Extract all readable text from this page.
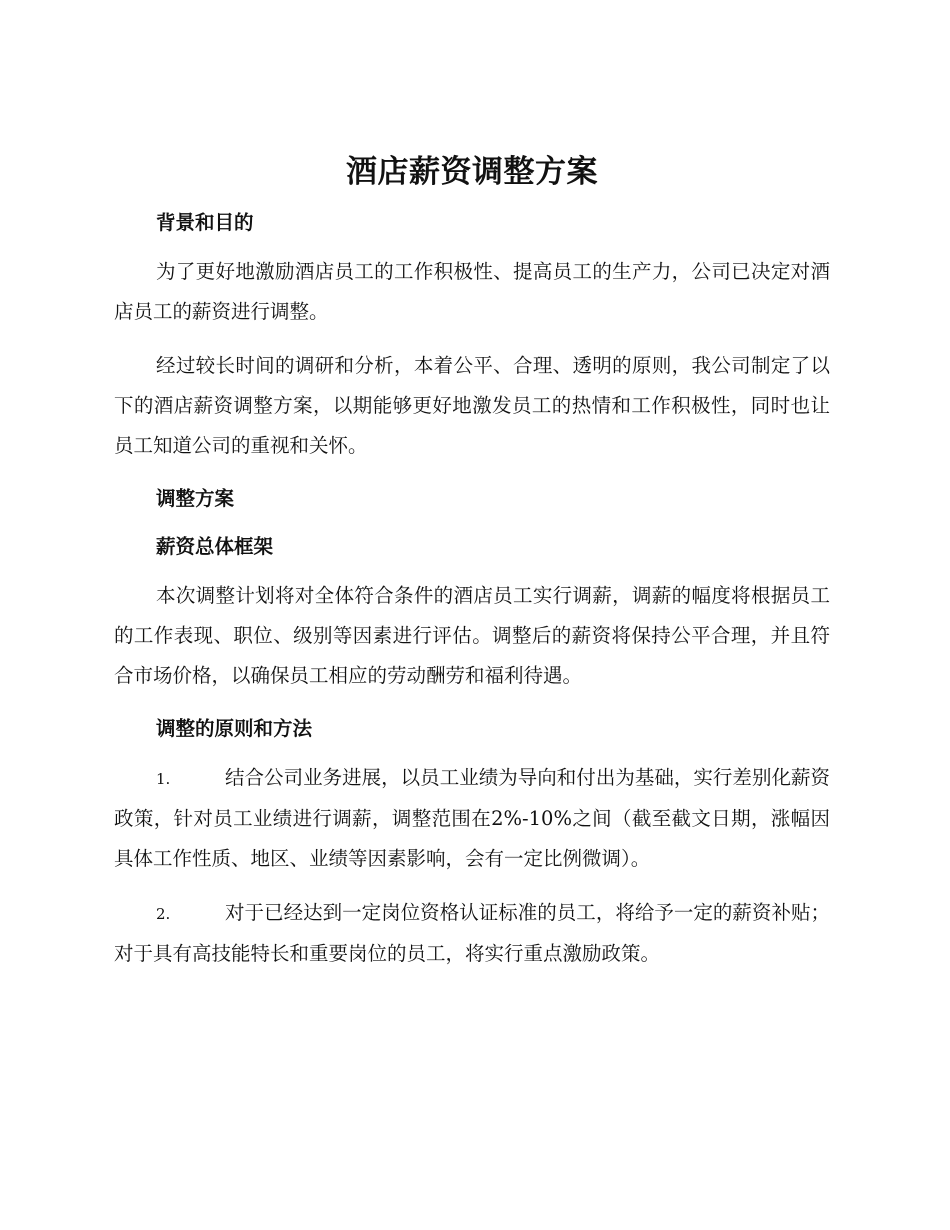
酒店薪资调整方案

背景和目的

为了更好地激励酒店员工的工作积极性、提高员工的生产力，公司已决定对酒店员工的薪资进行调整。

经过较长时间的调研和分析，本着公平、合理、透明的原则，我公司制定了以下的酒店薪资调整方案，以期能够更好地激发员工的热情和工作积极性，同时也让员工知道公司的重视和关怀。

调整方案

薪资总体框架

本次调整计划将对全体符合条件的酒店员工实行调薪，调薪的幅度将根据员工的工作表现、职位、级别等因素进行评估。调整后的薪资将保持公平合理，并且符合市场价格，以确保员工相应的劳动酬劳和福利待遇。

调整的原则和方法

1.	结合公司业务进展，以员工业绩为导向和付出为基础，实行差别化薪资政策，针对员工业绩进行调薪，调整范围在2%-10%之间（截至截文日期，涨幅因具体工作性质、地区、业绩等因素影响，会有一定比例微调）。

2.	对于已经达到一定岗位资格认证标准的员工，将给予一定的薪资补贴；对于具有高技能特长和重要岗位的员工，将实行重点激励政策。
